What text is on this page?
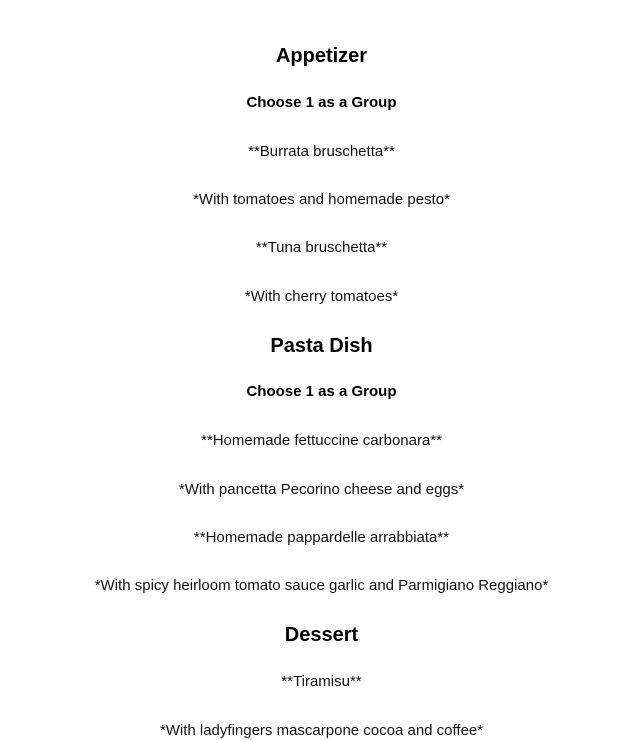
Appetizer
Choose 1 as a Group
**Burrata bruschetta**
*With tomatoes and homemade pesto*
**Tuna bruschetta**
*With cherry tomatoes*
Pasta Dish
Choose 1 as a Group
**Homemade fettuccine carbonara**
*With pancetta Pecorino cheese and eggs*
**Homemade pappardelle arrabbiata**
*With spicy heirloom tomato sauce garlic and Parmigiano Reggiano*
Dessert
**Tiramisu**
*With ladyfingers mascarpone cocoa and coffee*
